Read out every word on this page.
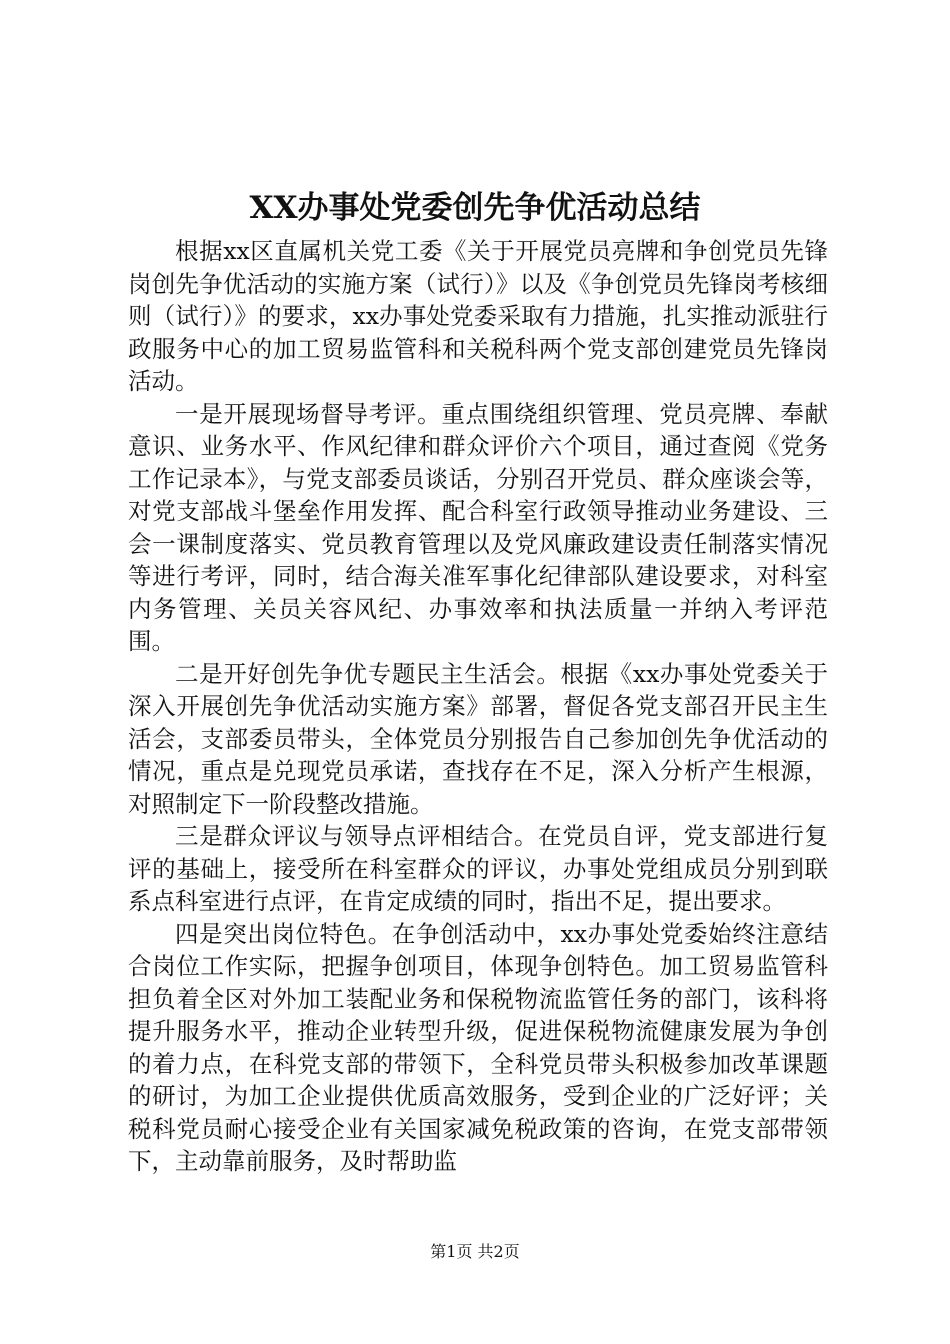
XX办事处党委创先争优活动总结

根据xx区直属机关党工委《关于开展党员亮牌和争创党员先锋岗创先争优活动的实施方案（试行）》以及《争创党员先锋岗考核细则（试行）》的要求，xx办事处党委采取有力措施，扎实推动派驻行政服务中心的加工贸易监管科和关税科两个党支部创建党员先锋岗活动。

一是开展现场督导考评。重点围绕组织管理、党员亮牌、奉献意识、业务水平、作风纪律和群众评价六个项目，通过查阅《党务工作记录本》，与党支部委员谈话，分别召开党员、群众座谈会等，对党支部战斗堡垒作用发挥、配合科室行政领导推动业务建设、三会一课制度落实、党员教育管理以及党风廉政建设责任制落实情况等进行考评，同时，结合海关准军事化纪律部队建设要求，对科室内务管理、关员关容风纪、办事效率和执法质量一并纳入考评范围。

二是开好创先争优专题民主生活会。根据《xx办事处党委关于深入开展创先争优活动实施方案》部署，督促各党支部召开民主生活会，支部委员带头，全体党员分别报告自己参加创先争优活动的情况，重点是兑现党员承诺，查找存在不足，深入分析产生根源，对照制定下一阶段整改措施。

三是群众评议与领导点评相结合。在党员自评，党支部进行复评的基础上，接受所在科室群众的评议，办事处党组成员分别到联系点科室进行点评，在肯定成绩的同时，指出不足，提出要求。

四是突出岗位特色。在争创活动中，xx办事处党委始终注意结合岗位工作实际，把握争创项目，体现争创特色。加工贸易监管科担负着全区对外加工装配业务和保税物流监管任务的部门，该科将提升服务水平，推动企业转型升级，促进保税物流健康发展为争创的着力点，在科党支部的带领下，全科党员带头积极参加改革课题的研讨，为加工企业提供优质高效服务，受到企业的广泛好评；关税科党员耐心接受企业有关国家减免税政策的咨询，在党支部带领下，主动靠前服务，及时帮助监

第1页 共2页
